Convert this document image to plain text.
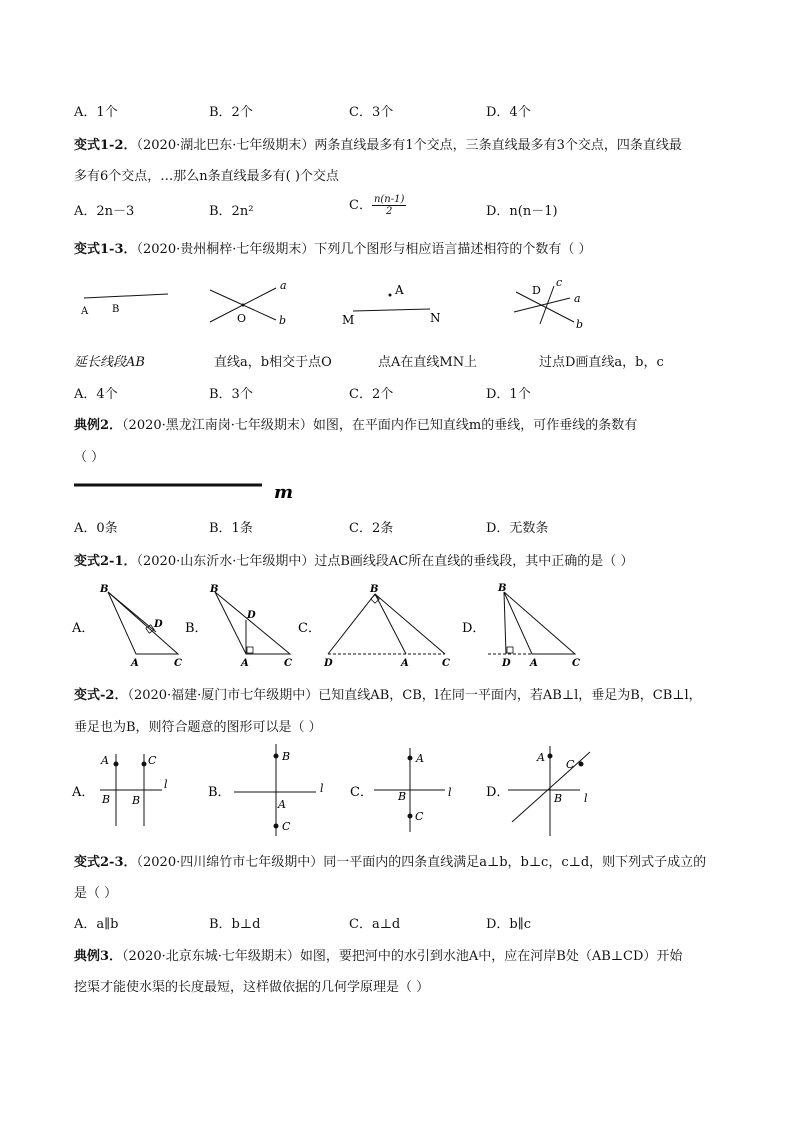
A．1个	B．2个	C．3个	D．4个
变式1-2．（2020·湖北巴东·七年级期末）两条直线最多有1个交点，三条直线最多有3个交点，四条直线最
多有6个交点，…那么n条直线最多有( )个交点
A．2n－3	B．2n²	C． $\frac{n(n-1)}{2}$	D．n(n－1)
变式1-3．（2020·贵州桐梓·七年级期末）下列几个图形与相应语言描述相符的个数有（ ）
A B
a
O	b
A
M	N
c
D
a
b
延长线段AB	直线a，b相交于点O	点A在直线MN上	过点D画直线a，b，c
A．4个	B．3个	C．2个	D．1个
典例2．（2020·黑龙江南岗·七年级期末）如图，在平面内作已知直线m的垂线，可作垂线的条数有
（ ）
m
A．0条	B．1条	C．2条	D．无数条
变式2-1．（2020·山东沂水·七年级期中）过点B画线段AC所在直线的垂线段，其中正确的是（ ）
A．	B．	C．	D．
B
D
A	C
B
D
A	C
B
D	A	C
B
D A	C
变式-2．（2020·福建·厦门市七年级期中）已知直线AB，CB，l在同一平面内，若AB⊥l，垂足为B，CB⊥l，
垂足也为B，则符合题意的图形可以是（ ）
A．	B．	C．	D．
A	C
B B
l
B
A
C
l
A
B
C
l
A
C
B l
变式2-3．（2020·四川绵竹市七年级期中）同一平面内的四条直线满足a⊥b，b⊥c，c⊥d，则下列式子成立的
是（ ）
A．a∥b	B．b⊥d	C．a⊥d	D．b∥c
典例3．（2020·北京东城·七年级期末）如图，要把河中的水引到水池A中，应在河岸B处（AB⊥CD）开始
挖渠才能使水渠的长度最短，这样做依据的几何学原理是（ ）
